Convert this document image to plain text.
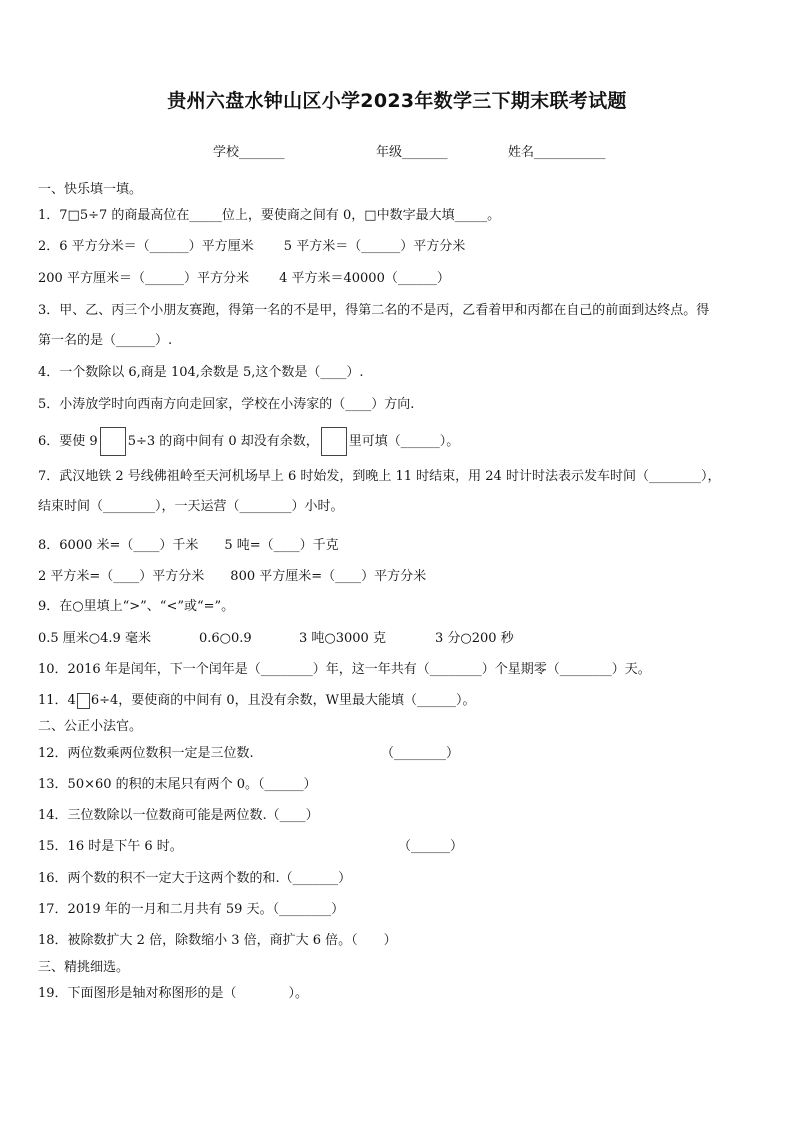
贵州六盘水钟山区小学2023年数学三下期末联考试题
学校_______	年级_______	姓名___________
一、快乐填一填。
1．7□5÷7 的商最高位在_____位上，要使商之间有 0，□中数字最大填_____。
2．6 平方分米＝（______）平方厘米　　 5 平方米＝（______）平方分米
200 平方厘米＝（______）平方分米　　 4 平方米＝40000（______）
3．甲、乙、丙三个小朋友赛跑，得第一名的不是甲，得第二名的不是丙，乙看着甲和丙都在自己的前面到达终点。得
第一名的是（______）.
4．一个数除以 6,商是 104,余数是 5,这个数是（____）.
5．小涛放学时向西南方向走回家，学校在小涛家的（____）方向.
6．要使 9 5÷3 的商中间有 0 却没有余数， 里可填（______）。
7．武汉地铁 2 号线佛祖岭至天河机场早上 6 时始发，到晚上 11 时结束，用 24 时计时法表示发车时间（________），
结束时间（________），一天运营（________）小时。
8．6000 米=（____）千米　　5 吨=（____）千克
2 平方米=（____）平方分米　　800 平方厘米=（____）平方分米
9．在○里填上“>”、“<”或“=”。
0.5 厘米○4.9 毫米	0.6○0.9	3 吨○3000 克	3 分○200 秒
10．2016 年是闰年，下一个闰年是（________）年，这一年共有（________）个星期零（________）天。
11．4 6÷4，要使商的中间有 0，且没有余数，W里最大能填（______）。
二、公正小法官。
12．两位数乘两位数积一定是三位数.	（________）
13．50×60 的积的末尾只有两个 0。（______）
14．三位数除以一位数商可能是两位数.（____）
15．16 时是下午 6 时。	（______）
16．两个数的积不一定大于这两个数的和.（_______）
17．2019 年的一月和二月共有 59 天。（________）
18．被除数扩大 2 倍，除数缩小 3 倍，商扩大 6 倍。（　　）
三、精挑细选。
19．下面图形是轴对称图形的是（　　　　）。
